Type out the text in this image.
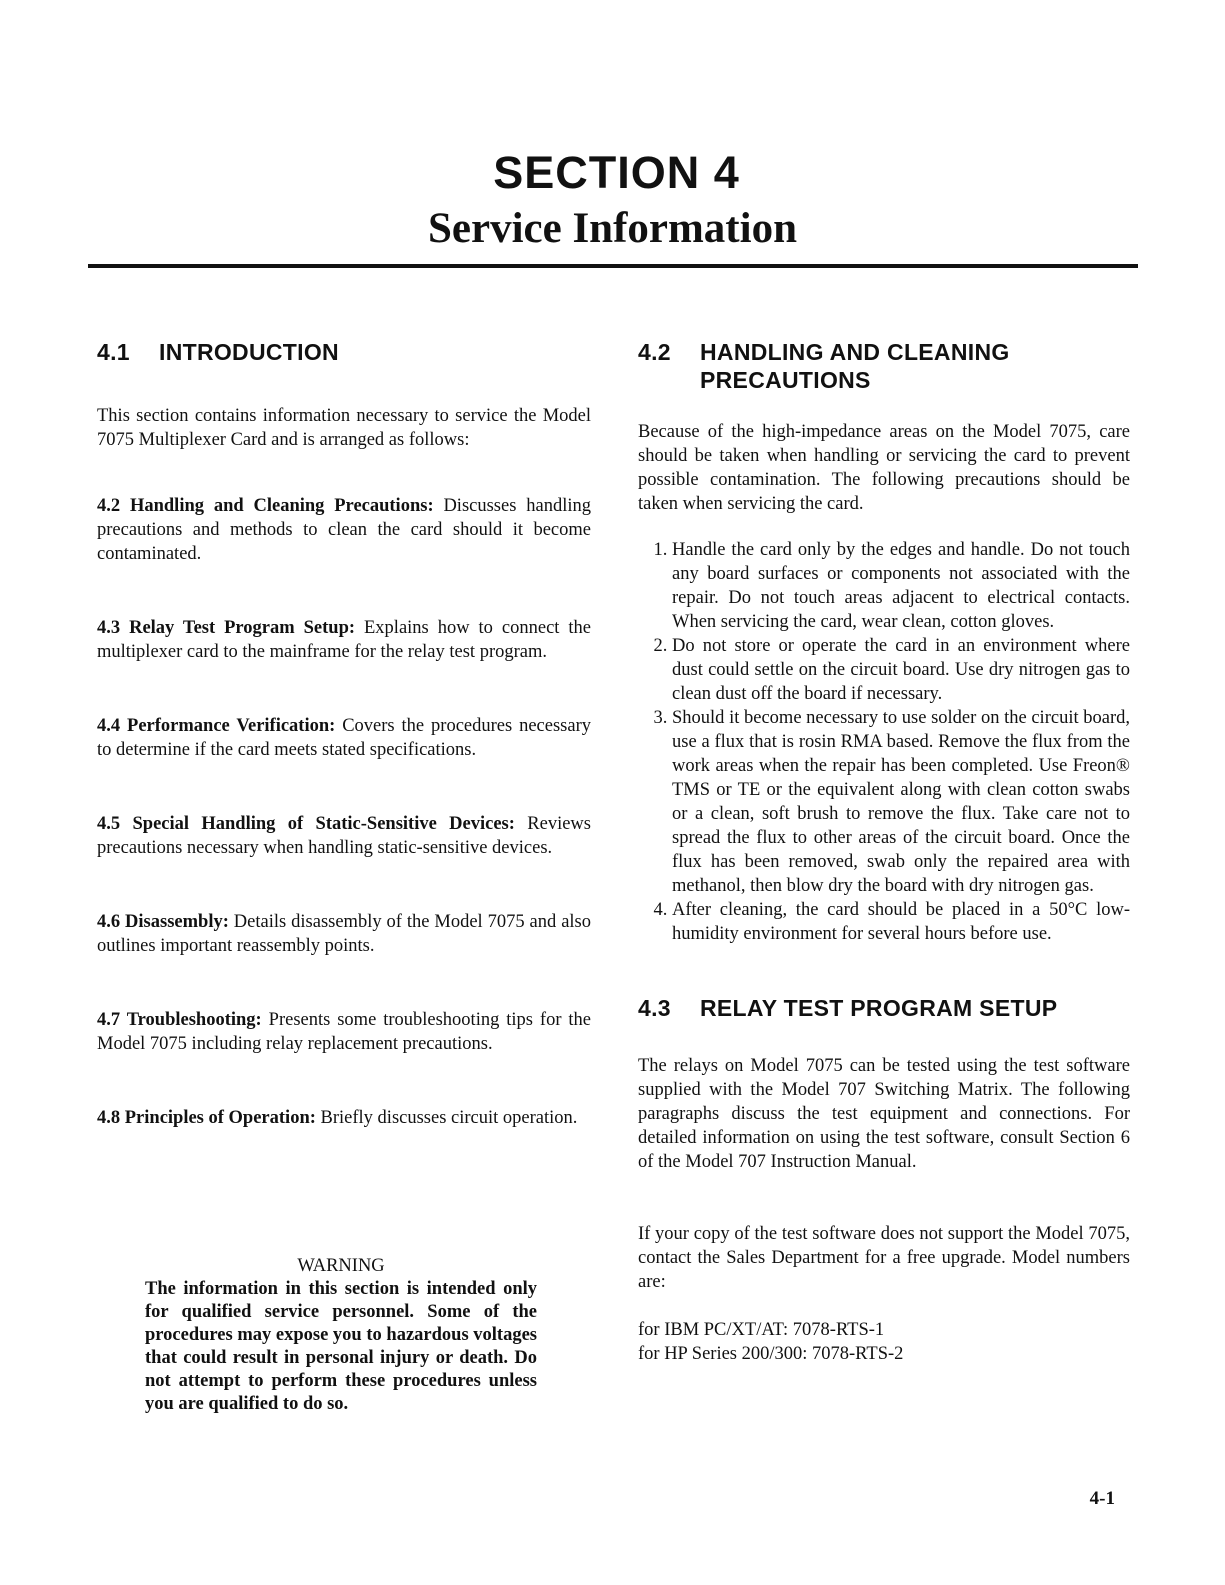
SECTION 4
Service Information
4.1	INTRODUCTION

This section contains information necessary to service the Model 7075 Multiplexer Card and is arranged as follows:

4.2 Handling and Cleaning Precautions: Discusses handling precautions and methods to clean the card should it become contaminated.

4.3 Relay Test Program Setup: Explains how to connect the multiplexer card to the mainframe for the relay test program.

4.4 Performance Verification: Covers the procedures necessary to determine if the card meets stated specifications.

4.5 Special Handling of Static-Sensitive Devices: Reviews precautions necessary when handling static-sensitive devices.

4.6 Disassembly: Details disassembly of the Model 7075 and also outlines important reassembly points.

4.7 Troubleshooting: Presents some troubleshooting tips for the Model 7075 including relay replacement precautions.

4.8 Principles of Operation: Briefly discusses circuit operation.

WARNING

The information in this section is intended only for qualified service personnel. Some of the procedures may expose you to hazardous voltages that could result in personal injury or death. Do not attempt to perform these procedures unless you are qualified to do so.

4.2	HANDLING AND CLEANING PRECAUTIONS

Because of the high-impedance areas on the Model 7075, care should be taken when handling or servicing the card to prevent possible contamination. The following precautions should be taken when servicing the card.

1. Handle the card only by the edges and handle. Do not touch any board surfaces or components not associated with the repair. Do not touch areas adjacent to electrical contacts. When servicing the card, wear clean, cotton gloves.
2. Do not store or operate the card in an environment where dust could settle on the circuit board. Use dry nitrogen gas to clean dust off the board if necessary.
3. Should it become necessary to use solder on the circuit board, use a flux that is rosin RMA based. Remove the flux from the work areas when the repair has been completed. Use Freon® TMS or TE or the equivalent along with clean cotton swabs or a clean, soft brush to remove the flux. Take care not to spread the flux to other areas of the circuit board. Once the flux has been removed, swab only the repaired area with methanol, then blow dry the board with dry nitrogen gas.
4. After cleaning, the card should be placed in a 50°C low-humidity environment for several hours before use.
4.3	RELAY TEST PROGRAM SETUP

The relays on Model 7075 can be tested using the test software supplied with the Model 707 Switching Matrix. The following paragraphs discuss the test equipment and connections. For detailed information on using the test software, consult Section 6 of the Model 707 Instruction Manual.

If your copy of the test software does not support the Model 7075, contact the Sales Department for a free upgrade. Model numbers are:

for IBM PC/XT/AT: 7078-RTS-1

for HP Series 200/300: 7078-RTS-2

4-1
